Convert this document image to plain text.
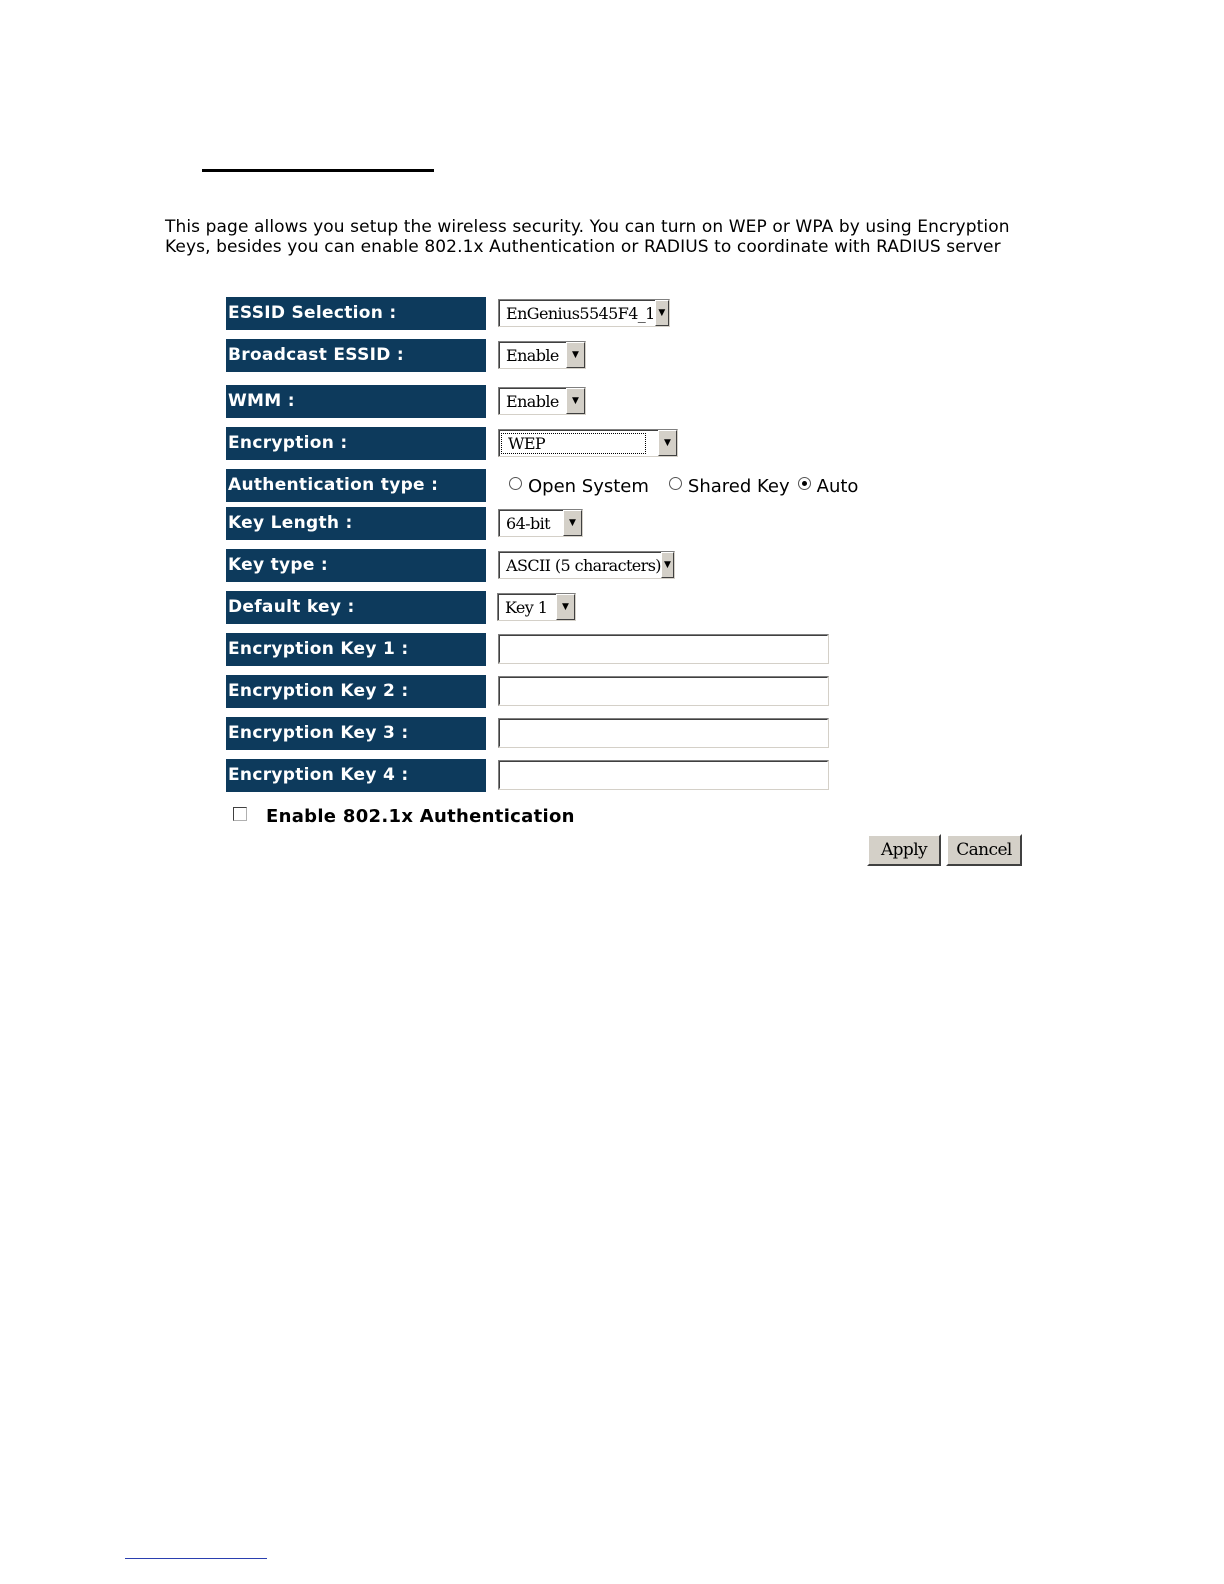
This page allows you setup the wireless security. You can turn on WEP or WPA by using Encryption Keys, besides you can enable 802.1x Authentication or RADIUS to coordinate with RADIUS server
ESSID Selection :	EnGenius5545F4_1 ▼
Broadcast ESSID :	Enable	▼
WMM :	Enable	▼
Encryption :	WEP	▼
Authentication type :	Open System Shared Key Auto
Key Length :	64-bit	▼
Key type :	ASCII (5 characters) ▼
Default key :	Key 1	▼
Encryption Key 1 :
Encryption Key 2 :
Encryption Key 3 :
Encryption Key 4 :
Enable 802.1x Authentication
Apply	Cancel
